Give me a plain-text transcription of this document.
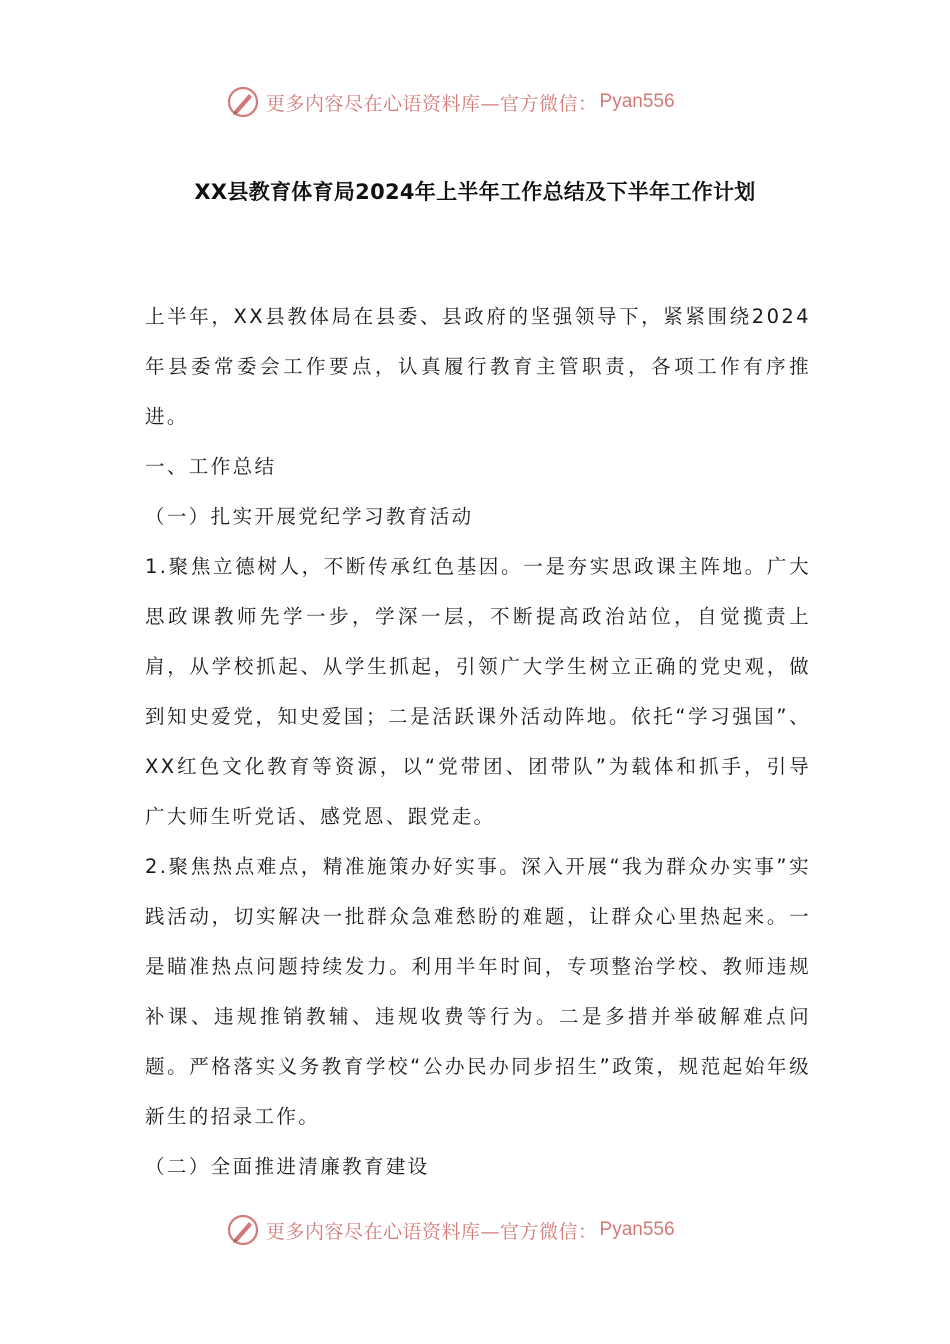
更多内容尽在心语资料库—官方微信： Pyan556
XX县教育体育局2024年上半年工作总结及下半年工作计划

上半年，XX县教体局在县委、县政府的坚强领导下，紧紧围绕2024年县委常委会工作要点，认真履行教育主管职责，各项工作有序推进。

一、工作总结

（一）扎实开展党纪学习教育活动

1.聚焦立德树人，不断传承红色基因。一是夯实思政课主阵地。广大思政课教师先学一步，学深一层，不断提高政治站位，自觉揽责上肩，从学校抓起、从学生抓起，引领广大学生树立正确的党史观，做到知史爱党，知史爱国；二是活跃课外活动阵地。依托“学习强国”、XX红色文化教育等资源，以“党带团、团带队”为载体和抓手，引导广大师生听党话、感党恩、跟党走。

2.聚焦热点难点，精准施策办好实事。深入开展“我为群众办实事”实践活动，切实解决一批群众急难愁盼的难题，让群众心里热起来。一是瞄准热点问题持续发力。利用半年时间，专项整治学校、教师违规补课、违规推销教辅、违规收费等行为。二是多措并举破解难点问题。严格落实义务教育学校“公办民办同步招生”政策，规范起始年级新生的招录工作。

（二）全面推进清廉教育建设

更多内容尽在心语资料库—官方微信： Pyan556
